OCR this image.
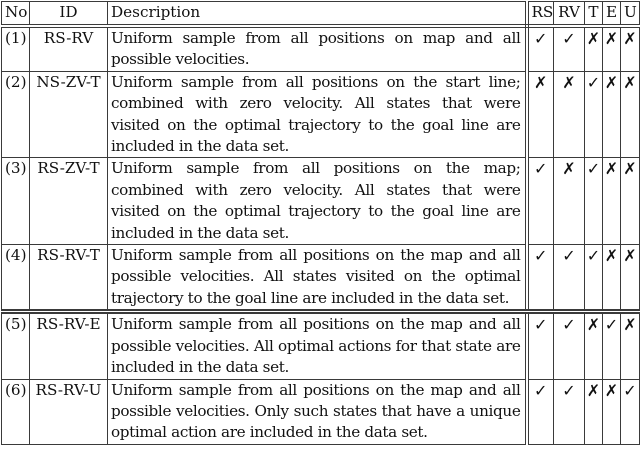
No	ID	Description	RS	RV	T	E	U
(1)	RS-RV	Uniform sample from all positions on map and all possible velocities.	✓	✓	✗	✗	✗
(2)	NS-ZV-T	Uniform sample from all positions on the start line; combined with zero velocity. All states that were visited on the optimal trajectory to the goal line are included in the data set.	✗	✗	✓	✗	✗
(3)	RS-ZV-T	Uniform sample from all positions on the map; combined with zero velocity. All states that were visited on the optimal trajectory to the goal line are included in the data set.	✓	✗	✓	✗	✗
(4)	RS-RV-T	Uniform sample from all positions on the map and all possible velocities. All states visited on the optimal trajectory to the goal line are included in the data set.	✓	✓	✓	✗	✗
(5)	RS-RV-E	Uniform sample from all positions on the map and all possible velocities. All optimal actions for that state are included in the data set.	✓	✓	✗	✓	✗
(6)	RS-RV-U	Uniform sample from all positions on the map and all possible velocities. Only such states that have a unique optimal action are included in the data set.	✓	✓	✗	✗	✓
